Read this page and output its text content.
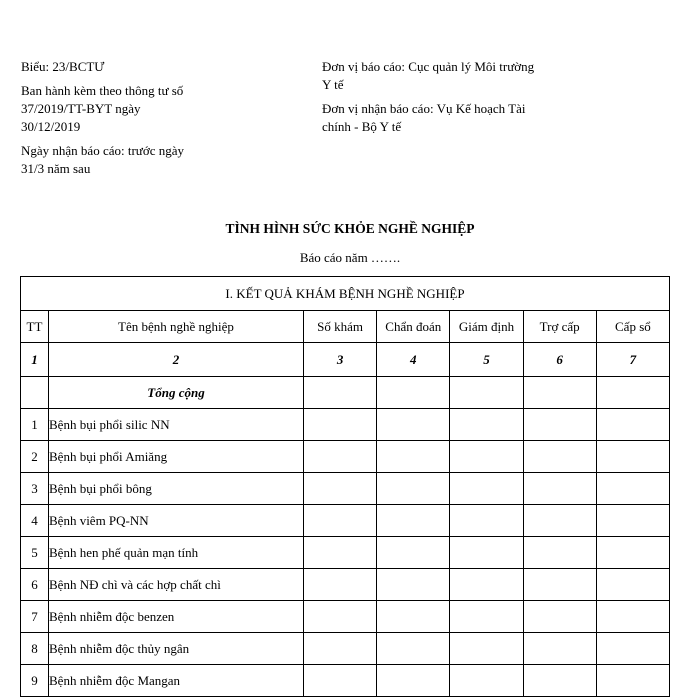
Biểu: 23/BCTƯ

Ban hành kèm theo thông tư số 37/2019/TT-BYT ngày 30/12/2019

Ngày nhận báo cáo: trước ngày 31/3 năm sau

Đơn vị báo cáo: Cục quản lý Môi trường Y tế

Đơn vị nhận báo cáo: Vụ Kế hoạch Tài chính - Bộ Y tế

TÌNH HÌNH SỨC KHỎE NGHỀ NGHIỆP
Báo cáo năm …….
I. KẾT QUẢ KHÁM BỆNH NGHỀ NGHIỆP						
TT	Tên bệnh nghề nghiệp	Số khám	Chẩn đoán	Giám định	Trợ cấp	Cấp sổ
1	2	3	4	5	6	7
	Tổng cộng					
1	Bệnh bụi phổi silic NN					
2	Bệnh bụi phổi Amiăng					
3	Bệnh bụi phổi bông					
4	Bệnh viêm PQ-NN					
5	Bệnh hen phế quản mạn tính					
6	Bệnh NĐ chì và các hợp chất chì					
7	Bệnh nhiễm độc benzen					
8	Bệnh nhiễm độc thủy ngân					
9	Bệnh nhiễm độc Mangan					
